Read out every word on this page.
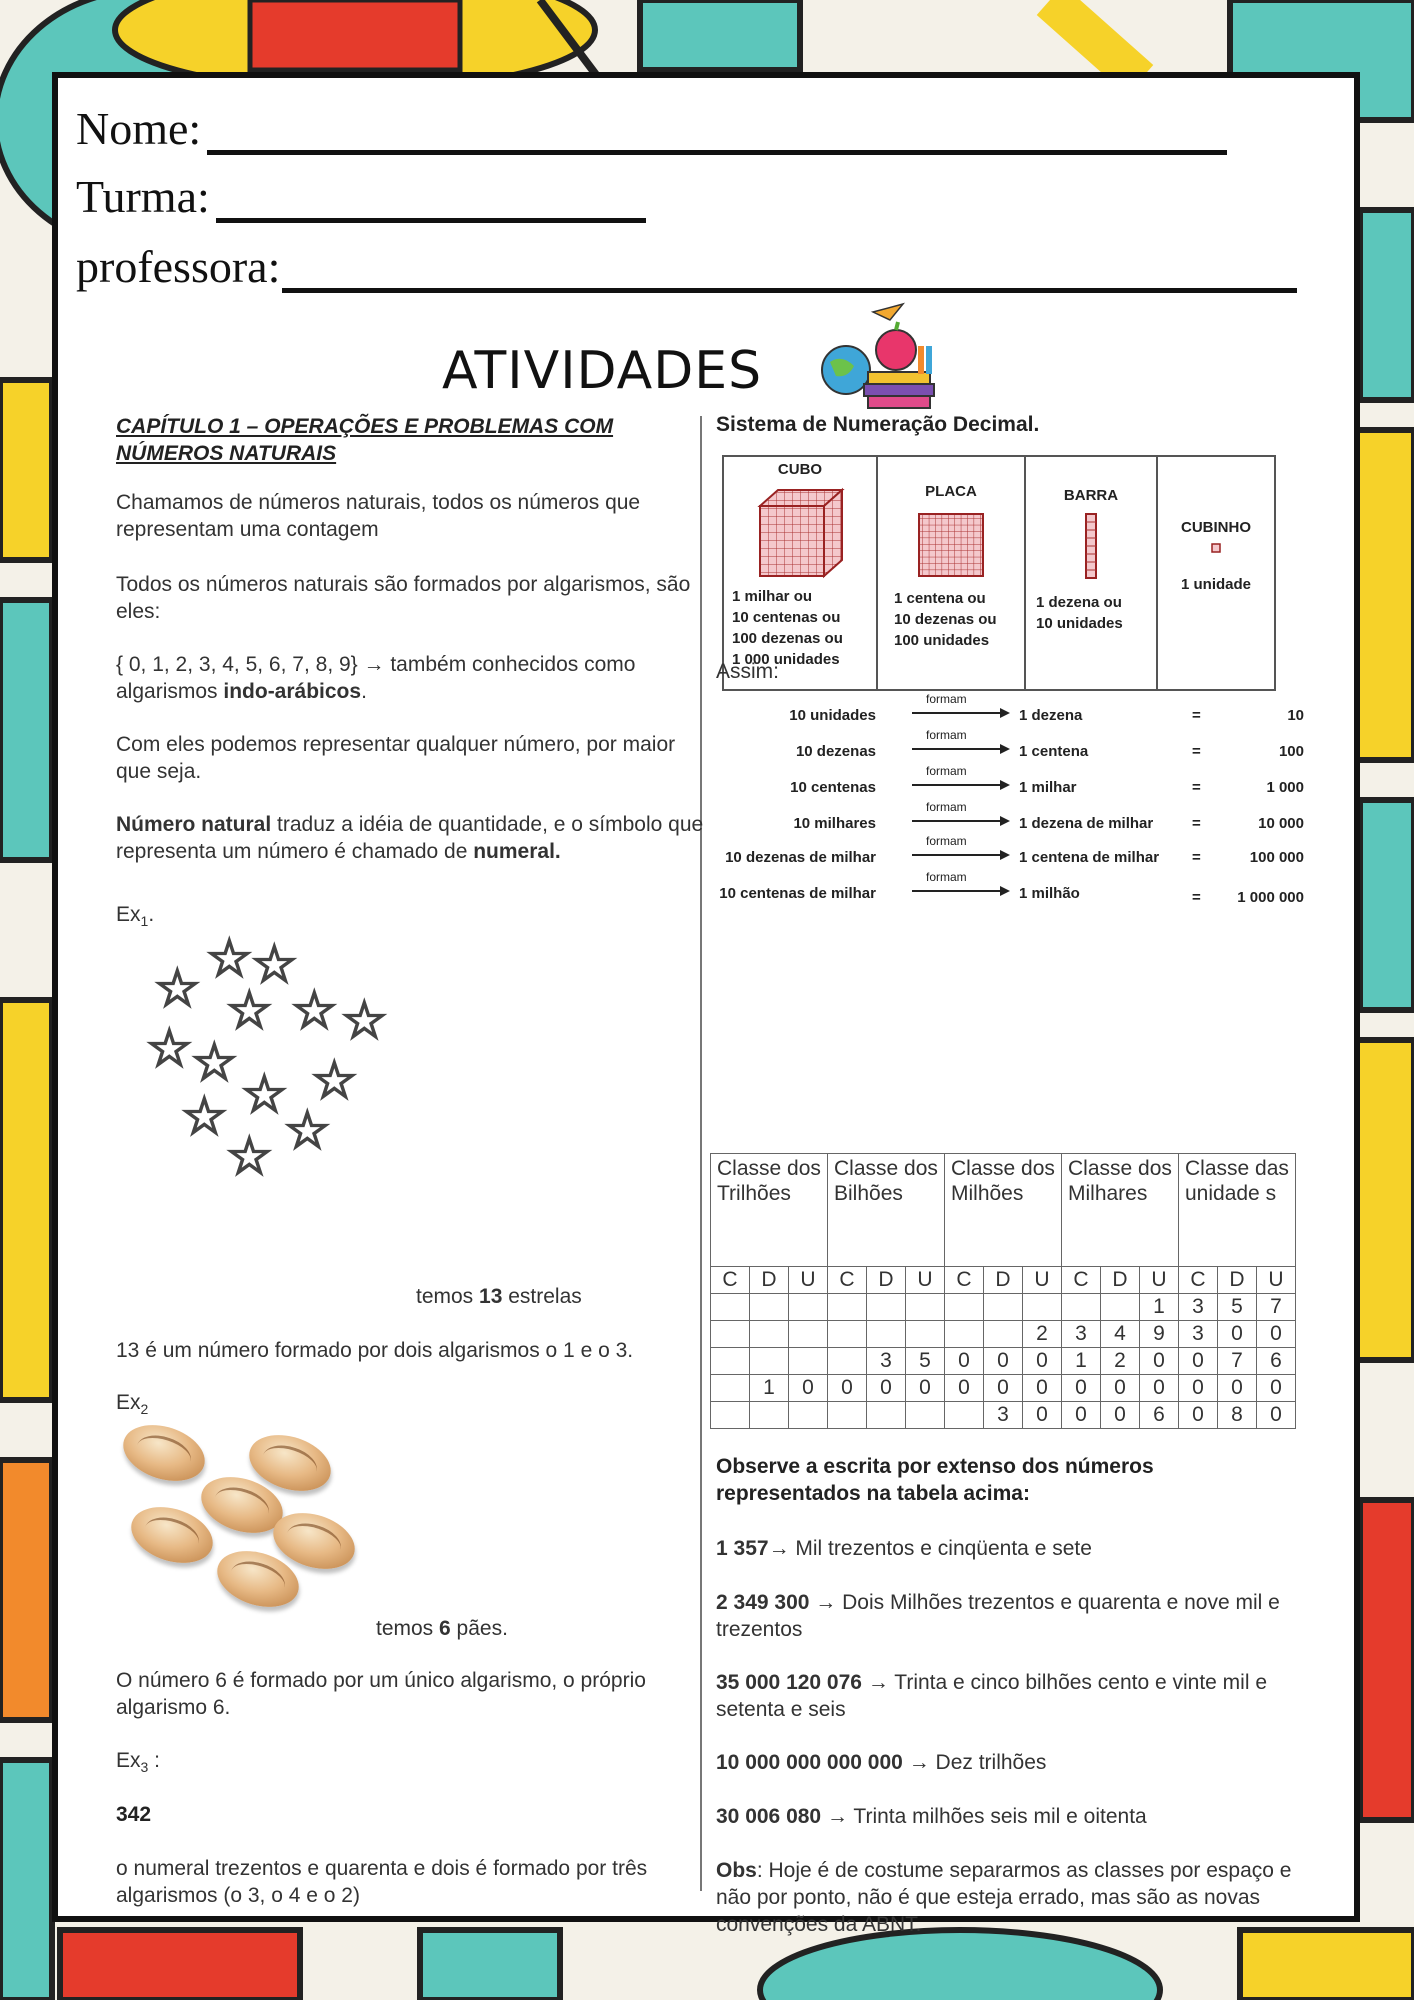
Nome:
Turma:
professora:
ATIVIDADES
CAPÍTULO 1 – OPERAÇÕES E PROBLEMAS COM NÚMEROS NATURAIS

Chamamos de números naturais, todos os números que representam uma contagem

Todos os números naturais são formados por algarismos, são eles:

{ 0, 1, 2, 3, 4, 5, 6, 7, 8, 9} → também conhecidos como algarismos indo-arábicos.

Com eles podemos representar qualquer número, por maior que seja.

Número natural traduz a idéia de quantidade, e o símbolo que representa um número é chamado de numeral.

$Ex_1$.

☆
☆
☆ ☆ ☆ ☆
☆
☆ ☆
☆
☆ ☆
☆

temos 13 estrelas

13 é um número formado por dois algarismos o 1 e o 3.

$Ex_2$

temos 6 pães.

O número 6 é formado por um único algarismo, o próprio algarismo 6.

$Ex_3$ :

342

o numeral trezentos e quarenta e dois é formado por três algarismos (o 3, o 4 e o 2)

Sistema de Numeração Decimal.
CUBO
1 milhar ou
10 centenas ou
100 dezenas ou
1 000 unidades

PLACA
1 centena ou
10 dezenas ou
100 unidades

BARRA
1 dezena ou
10 unidades

CUBINHO
1 unidade
Assim:
10 unidades
formam
1 dezena	=	10
10 dezenas
formam
1 centena	=	100
10 centenas
formam
1 milhar	=	1 000
10 milhares
formam
1 dezena de milhar	=	10 000
10 dezenas de milhar
formam
1 centena de milhar =	100 000
10 centenas de milhar
formam
1 milhão	= 1 000 000
Classe dos Trilhões			Classe dos Bilhões			Classe dos Milhões			Classe dos Milhares			Classe das unidade s		
C	D	U	C	D	U	C	D	U	C	D	U	C	D	U
											1	3	5	7
								2	3	4	9	3	0	0
				3	5	0	0	0	1	2	0	0	7	6
	1	0	0	0	0	0	0	0	0	0	0	0	0	0
							3	0	0	0	6	0	8	0
Observe a escrita por extenso dos números representados na tabela acima:

1 357→ Mil trezentos e cinqüenta e sete

2 349 300 → Dois Milhões trezentos e quarenta e nove mil e trezentos

35 000 120 076 → Trinta e cinco bilhões cento e vinte mil e setenta e seis

10 000 000 000 000 → Dez trilhões

30 006 080 → Trinta milhões seis mil e oitenta

Obs: Hoje é de costume separarmos as classes por espaço e não por ponto, não é que esteja errado, mas são as novas convenções da ABNT.
